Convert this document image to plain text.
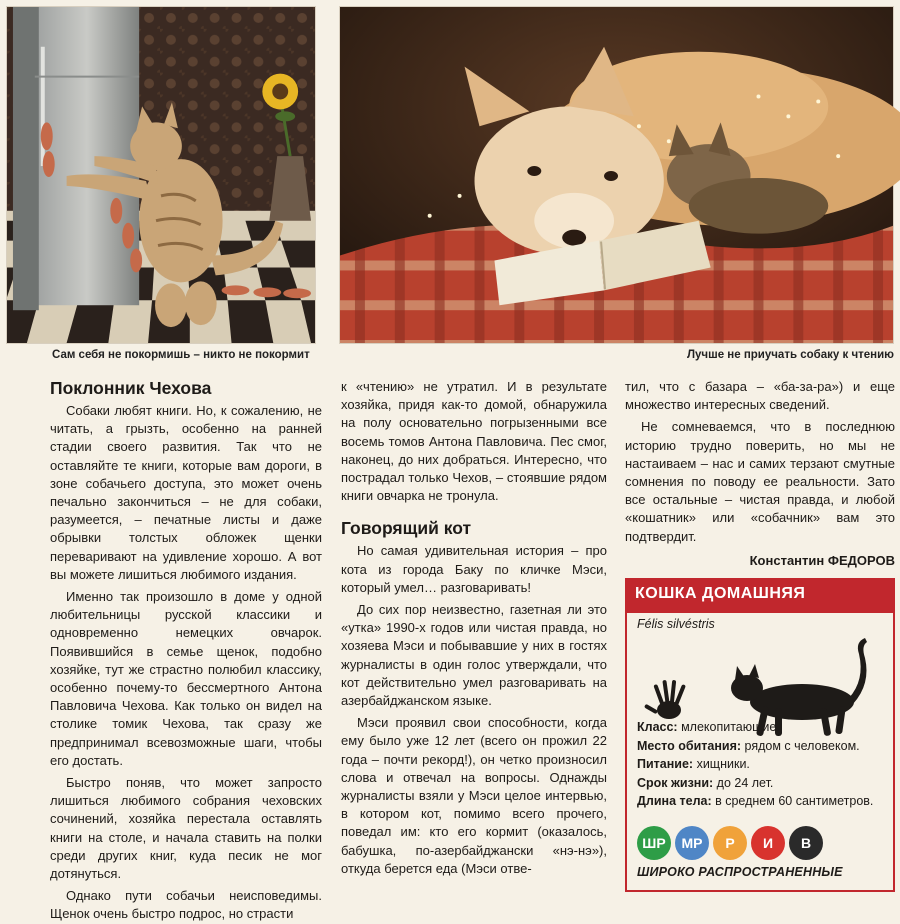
Сам себя не покормишь – никто не покормит	Лучше не приучать собаку к чтению
Поклонник Чехова

Собаки любят книги. Но, к сожалению, не читать, а грызть, особенно на ранней стадии своего развития. Так что не оставляйте те книги, которые вам дороги, в зоне собачьего доступа, это может очень печально закончиться – не для собаки, разумеется, – печатные листы и даже обрывки толстых обложек щенки переваривают на удивление хорошо. А вот вы можете лишиться любимого издания.

Именно так произошло в доме у одной любительницы русской классики и одновременно немецких овчарок. Появившийся в семье щенок, подобно хозяйке, тут же страстно полюбил классику, особенно почему-то бессмертного Антона Павловича Чехова. Как только он видел на столике томик Чехова, так сразу же предпринимал всевозможные шаги, чтобы его достать.

Быстро поняв, что может запросто лишиться любимого собрания чеховских сочинений, хозяйка перестала оставлять книги на столе, и начала ставить на полки среди других книг, куда песик не мог дотянуться.

Однако пути собачьи неисповедимы. Щенок очень быстро подрос, но страсти

к «чтению» не утратил. И в результате хозяйка, придя как-то домой, обнаружила на полу основательно погрызенными все восемь томов Антона Павловича. Пес смог, наконец, до них добраться. Интересно, что пострадал только Чехов, – стоявшие рядом книги овчарка не тронула.

Говорящий кот

Но самая удивительная история – про кота из города Баку по кличке Мэси, который умел… разговаривать!

До сих пор неизвестно, газетная ли это «утка» 1990-х годов или чистая правда, но хозяева Мэси и побывавшие у них в гостях журналисты в один голос утверждали, что кот действительно умел разговаривать на азербайджанском языке.

Мэси проявил свои способности, когда ему было уже 12 лет (всего он прожил 22 года – почти рекорд!), он четко произносил слова и отвечал на вопросы. Однажды журналисты взяли у Мэси целое интервью, в котором кот, помимо всего прочего, поведал им: кто его кормит (оказалось, бабушка, по-азербайджански «нэ-нэ»), откуда берется еда (Мэси отве-

тил, что с базара – «ба-за-ра») и еще множество интересных сведений.

Не сомневаемся, что в последнюю историю трудно поверить, но мы не настаиваем – нас и самих терзают смутные сомнения по поводу ее реальности. Зато все остальные – чистая правда, и любой «кошатник» или «собачник» вам это подтвердит.

Константин ФЕДОРОВ
КОШКА ДОМАШНЯЯ
Félis silvéstris
Класс: млекопитающие.
Место обитания: рядом с человеком.
Питание: хищники.
Срок жизни: до 24 лет.
Длина тела: в среднем 60 сантиметров.
ШР	МР	Р	И	В
ШИРОКО РАСПРОСТРАНЕННЫЕ
